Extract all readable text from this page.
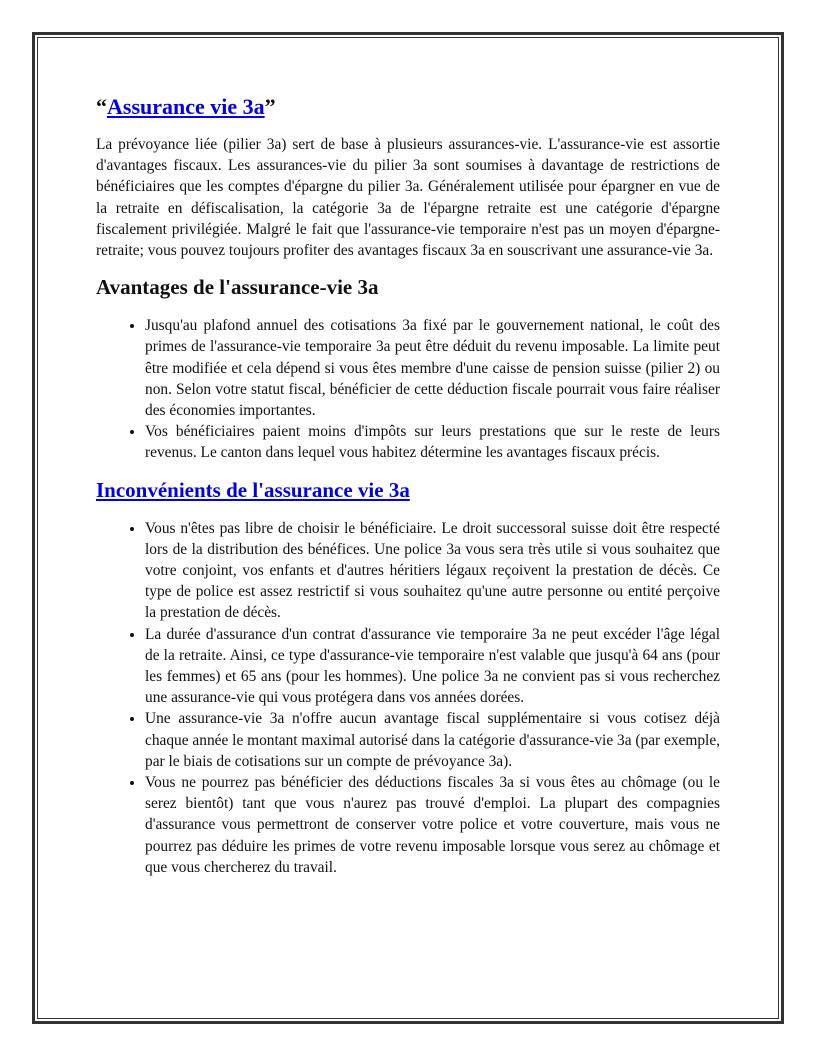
“Assurance vie 3a”

La prévoyance liée (pilier 3a) sert de base à plusieurs assurances-vie. L'assurance-vie est assortie d'avantages fiscaux. Les assurances-vie du pilier 3a sont soumises à davantage de restrictions de bénéficiaires que les comptes d'épargne du pilier 3a. Généralement utilisée pour épargner en vue de la retraite en défiscalisation, la catégorie 3a de l'épargne retraite est une catégorie d'épargne fiscalement privilégiée. Malgré le fait que l'assurance-vie temporaire n'est pas un moyen d'épargne-retraite; vous pouvez toujours profiter des avantages fiscaux 3a en souscrivant une assurance-vie 3a.

Avantages de l'assurance-vie 3a
• Jusqu'au plafond annuel des cotisations 3a fixé par le gouvernement national, le coût des primes de l'assurance-vie temporaire 3a peut être déduit du revenu imposable. La limite peut être modifiée et cela dépend si vous êtes membre d'une caisse de pension suisse (pilier 2) ou non. Selon votre statut fiscal, bénéficier de cette déduction fiscale pourrait vous faire réaliser des économies importantes.
• Vos bénéficiaires paient moins d'impôts sur leurs prestations que sur le reste de leurs revenus. Le canton dans lequel vous habitez détermine les avantages fiscaux précis.
Inconvénients de l'assurance vie 3a
• Vous n'êtes pas libre de choisir le bénéficiaire. Le droit successoral suisse doit être respecté lors de la distribution des bénéfices. Une police 3a vous sera très utile si vous souhaitez que votre conjoint, vos enfants et d'autres héritiers légaux reçoivent la prestation de décès. Ce type de police est assez restrictif si vous souhaitez qu'une autre personne ou entité perçoive la prestation de décès.
• La durée d'assurance d'un contrat d'assurance vie temporaire 3a ne peut excéder l'âge légal de la retraite. Ainsi, ce type d'assurance-vie temporaire n'est valable que jusqu'à 64 ans (pour les femmes) et 65 ans (pour les hommes). Une police 3a ne convient pas si vous recherchez une assurance-vie qui vous protégera dans vos années dorées.
• Une assurance-vie 3a n'offre aucun avantage fiscal supplémentaire si vous cotisez déjà chaque année le montant maximal autorisé dans la catégorie d'assurance-vie 3a (par exemple, par le biais de cotisations sur un compte de prévoyance 3a).
• Vous ne pourrez pas bénéficier des déductions fiscales 3a si vous êtes au chômage (ou le serez bientôt) tant que vous n'aurez pas trouvé d'emploi. La plupart des compagnies d'assurance vous permettront de conserver votre police et votre couverture, mais vous ne pourrez pas déduire les primes de votre revenu imposable lorsque vous serez au chômage et que vous chercherez du travail.
